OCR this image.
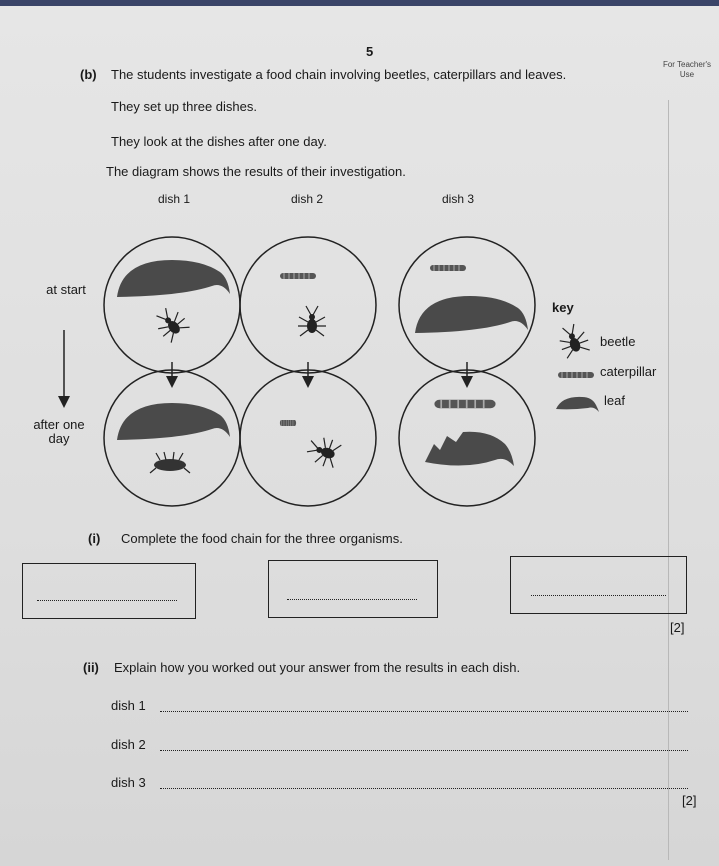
5
For Teacher's Use
(b) The students investigate a food chain involving beetles, caterpillars and leaves.
They set up three dishes.
They look at the dishes after one day.
The diagram shows the results of their investigation.
dish 1	dish 2	dish 3
at start
after one day
key
beetle
caterpillar
leaf
(i) Complete the food chain for the three organisms.
[2]
(ii) Explain how you worked out your answer from the results in each dish.
dish 1
dish 2
dish 3
[2]
